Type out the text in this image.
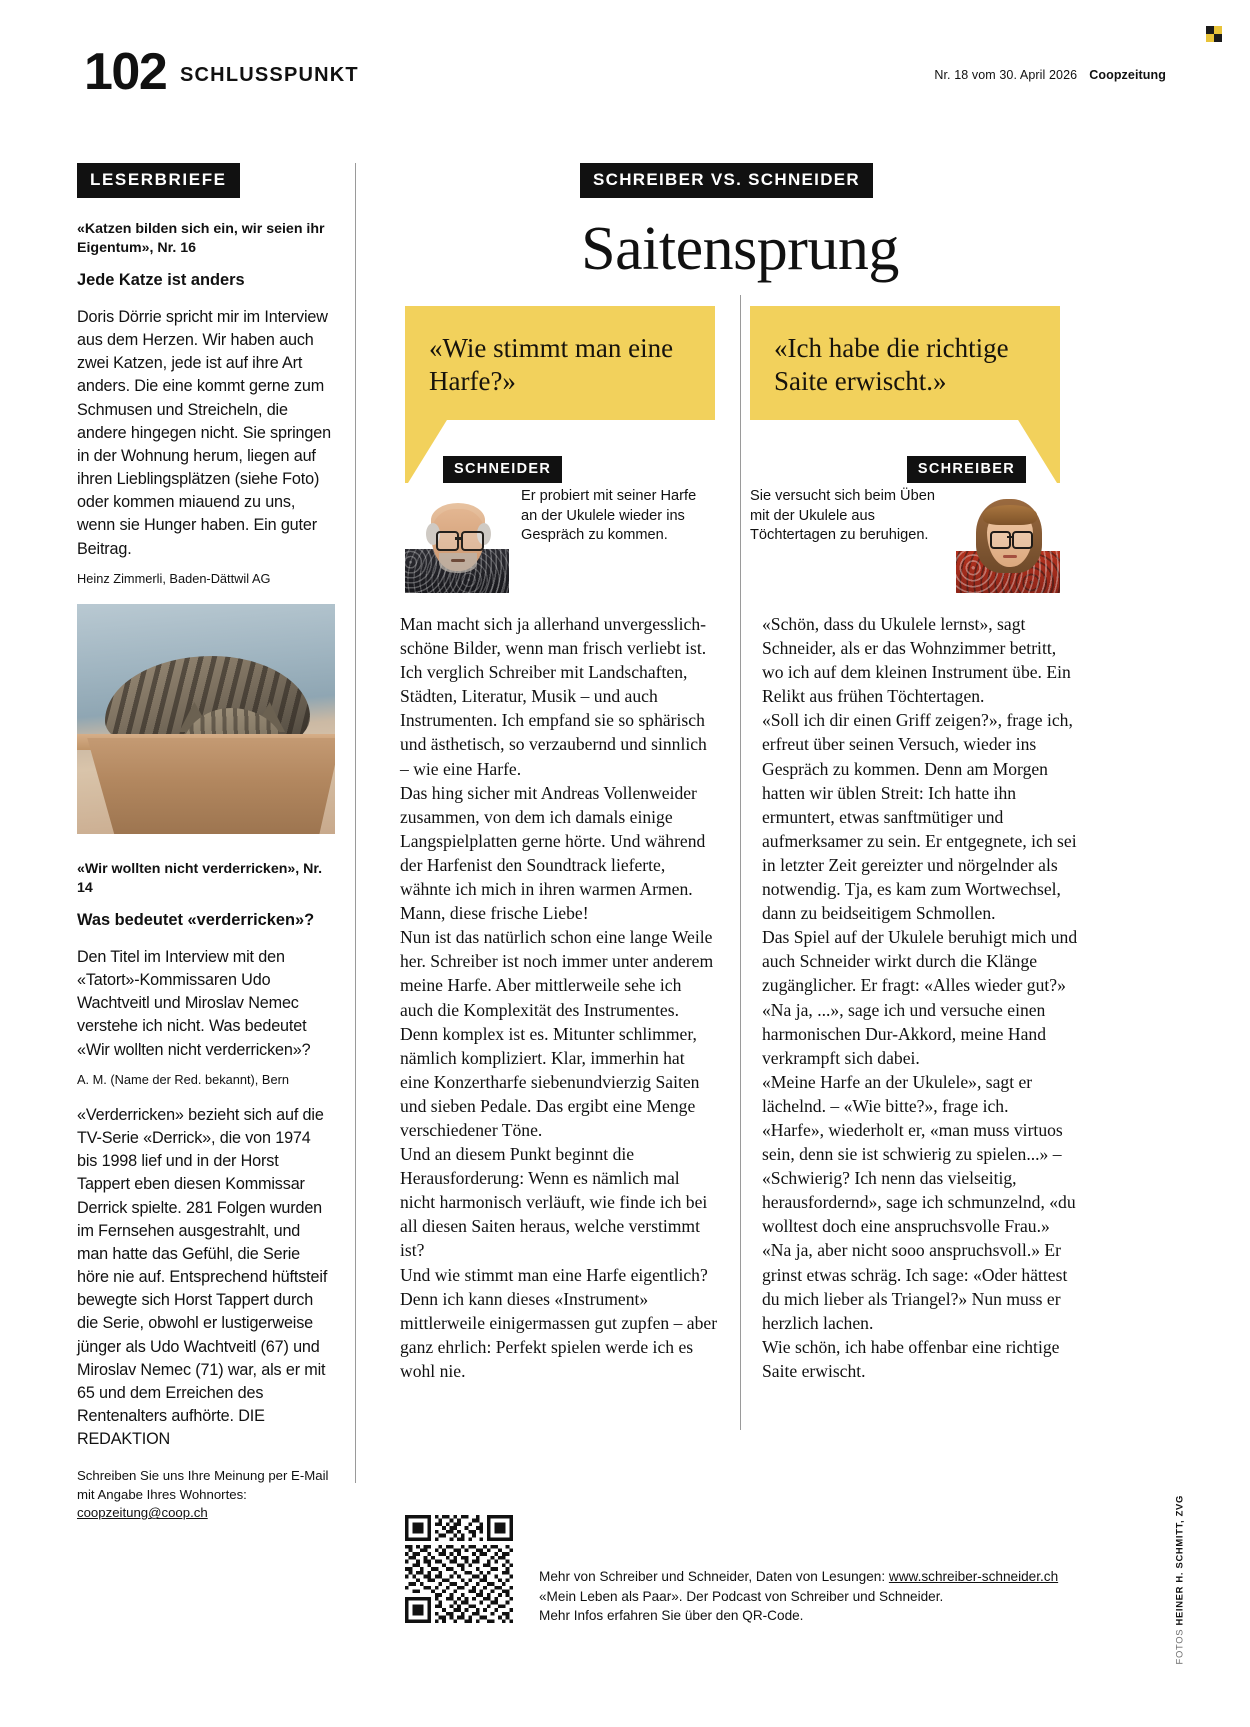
102 SCHLUSSPUNKT	Nr. 18 vom 30. April 2026 Coopzeitung
LESERBRIEFE
«Katzen bilden sich ein, wir seien ihr Eigentum», Nr. 16
Jede Katze ist anders
Doris Dörrie spricht mir im Interview aus dem Herzen. Wir haben auch zwei Katzen, jede ist auf ihre Art anders. Die eine kommt gerne zum Schmusen und Streicheln, die andere hingegen nicht. Sie springen in der Wohnung herum, liegen auf ihren Lieblingsplätzen (siehe Foto) oder kommen miauend zu uns, wenn sie Hunger haben. Ein guter Beitrag.
Heinz Zimmerli, Baden-Dättwil AG
«Wir wollten nicht verderricken», Nr. 14
Was bedeutet «verderricken»?
Den Titel im Interview mit den «Tatort»-Kommissaren Udo Wachtveitl und Miroslav Nemec verstehe ich nicht. Was bedeutet «Wir wollten nicht verderricken»?
A. M. (Name der Red. bekannt), Bern
«Verderricken» bezieht sich auf die TV-Serie «Derrick», die von 1974 bis 1998 lief und in der Horst Tappert eben diesen Kommissar Derrick spielte. 281 Folgen wurden im Fernsehen ausgestrahlt, und man hatte das Gefühl, die Serie höre nie auf. Entsprechend hüftsteif bewegte sich Horst Tappert durch die Serie, obwohl er lustigerweise jünger als Udo Wachtveitl (67) und Miroslav Nemec (71) war, als er mit 65 und dem Erreichen des Rentenalters aufhörte. DIE REDAKTION
Schreiben Sie uns Ihre Meinung per E-Mail mit Angabe Ihres Wohnortes:
coopzeitung@coop.ch
SCHREIBER VS. SCHNEIDER
Saitensprung
«Wie stimmt man eine Harfe?»
SCHNEIDER
Er probiert mit seiner Harfe an der Ukulele wieder ins Gespräch zu kommen.
«Ich habe die richtige Saite erwischt.»
SCHREIBER
Sie versucht sich beim Üben mit der Ukulele aus Töchtertagen zu beruhigen.

Man macht sich ja allerhand unvergesslich-schöne Bilder, wenn man frisch verliebt ist. Ich verglich Schreiber mit Landschaften, Städten, Literatur, Musik – und auch Instrumenten. Ich empfand sie so sphärisch und ästhetisch, so verzaubernd und sinnlich – wie eine Harfe.
Das hing sicher mit Andreas Vollenweider zusammen, von dem ich damals einige Langspielplatten gerne hörte. Und während der Harfenist den Soundtrack lieferte, wähnte ich mich in ihren warmen Armen.
Mann, diese frische Liebe!
Nun ist das natürlich schon eine lange Weile her. Schreiber ist noch immer unter anderem meine Harfe. Aber mittlerweile sehe ich auch die Komplexität des Instrumentes. Denn komplex ist es. Mitunter schlimmer, nämlich kompliziert. Klar, immerhin hat eine Konzertharfe siebenundvierzig Saiten und sieben Pedale. Das ergibt eine Menge verschiedener Töne.
Und an diesem Punkt beginnt die Herausforderung: Wenn es nämlich mal nicht harmonisch verläuft, wie finde ich bei all diesen Saiten heraus, welche verstimmt ist?
Und wie stimmt man eine Harfe eigentlich?
Denn ich kann dieses «Instrument» mittlerweile einigermassen gut zupfen – aber ganz ehrlich: Perfekt spielen werde ich es wohl nie.

«Schön, dass du Ukulele lernst», sagt Schneider, als er das Wohnzimmer betritt, wo ich auf dem kleinen Instrument übe. Ein Relikt aus frühen Töchtertagen.
«Soll ich dir einen Griff zeigen?», frage ich, erfreut über seinen Versuch, wieder ins Gespräch zu kommen. Denn am Morgen hatten wir üblen Streit: Ich hatte ihn ermuntert, etwas sanftmütiger und aufmerksamer zu sein. Er entgegnete, ich sei in letzter Zeit gereizter und nörgelnder als notwendig. Tja, es kam zum Wortwechsel, dann zu beidseitigem Schmollen.
Das Spiel auf der Ukulele beruhigt mich und auch Schneider wirkt durch die Klänge zugänglicher. Er fragt: «Alles wieder gut?»
«Na ja, ...», sage ich und versuche einen harmonischen Dur-Akkord, meine Hand verkrampft sich dabei.
«Meine Harfe an der Ukulele», sagt er lächelnd. – «Wie bitte?», frage ich.
«Harfe», wiederholt er, «man muss virtuos sein, denn sie ist schwierig zu spielen...» – «Schwierig? Ich nenn das vielseitig, herausfordernd», sage ich schmunzelnd, «du wolltest doch eine anspruchsvolle Frau.»
«Na ja, aber nicht sooo anspruchsvoll.» Er grinst etwas schräg. Ich sage: «Oder hättest du mich lieber als Triangel?» Nun muss er herzlich lachen.
Wie schön, ich habe offenbar eine richtige Saite erwischt.

Mehr von Schreiber und Schneider, Daten von Lesungen: www.schreiber-schneider.ch
«Mein Leben als Paar». Der Podcast von Schreiber und Schneider.
Mehr Infos erfahren Sie über den QR-Code.
FOTOS HEINER H. SCHMITT, ZVG
